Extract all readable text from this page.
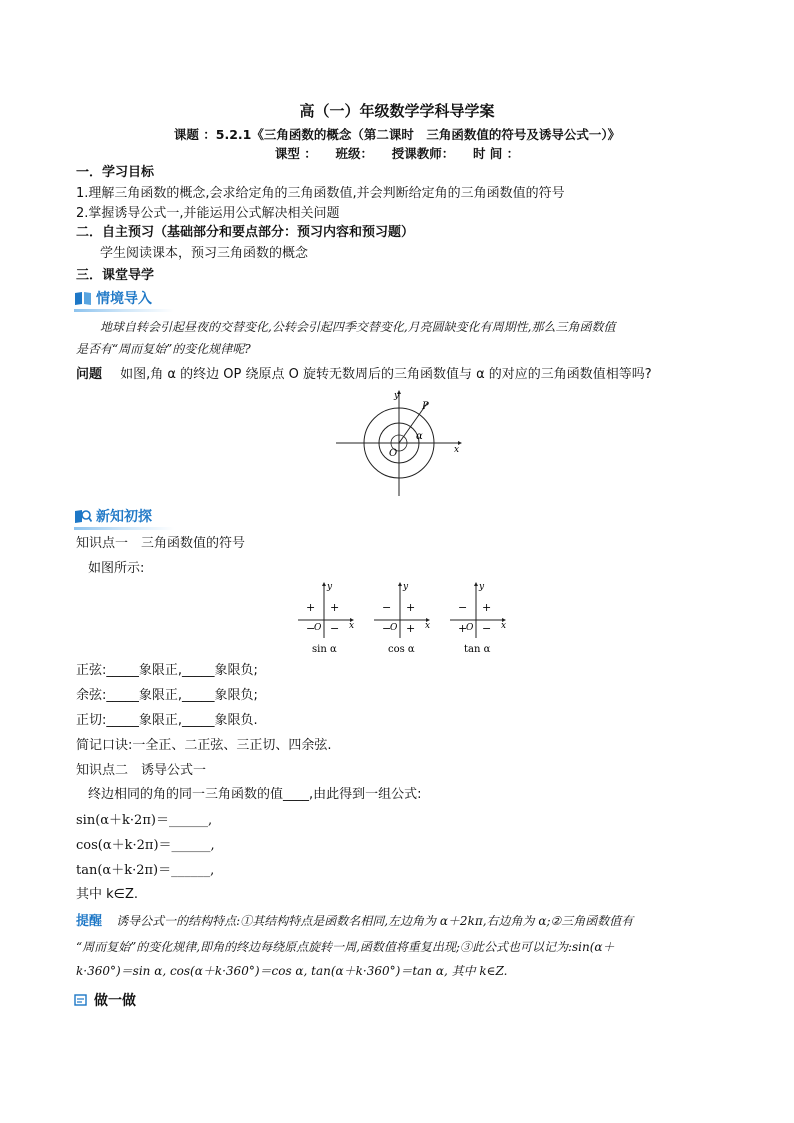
高（一）年级数学学科导学案
课题 ：5.2.1《三角函数的概念（第二课时　三角函数值的符号及诱导公式一）》
课型 ：　　班级：　　授课教师：　　时 间 ：
一．学习目标
1.理解三角函数的概念,会求给定角的三角函数值,并会判断给定角的三角函数值的符号
2.掌握诱导公式一,并能运用公式解决相关问题
二．自主预习（基础部分和要点部分：预习内容和预习题）
学生阅读课本，预习三角函数的概念
三．课堂导学
情境导入
地球自转会引起昼夜的交替变化,公转会引起四季交替变化,月亮圆缺变化有周期性,那么三角函数值
是否有“周而复始”的变化规律呢?
问题 如图,角 α 的终边 OP 绕原点 O 旋转无数周后的三角函数值与 α 的对应的三角函数值相等吗?
y
x
P
O
α
新知初探
知识点一　三角函数值的符号
如图所示:
y
x
O
+
+
− −
sin α
y
x
O
+
−
− +
cos α
y
x
O
+
−
+ −
tan α
正弦:_____象限正,_____象限负;
余弦:_____象限正,_____象限负;
正切:_____象限正,_____象限负.
简记口诀:一全正、二正弦、三正切、四余弦.
知识点二　诱导公式一
终边相同的角的同一三角函数的值____,由此得到一组公式:
sin(α＋k·2π)＝______,
cos(α＋k·2π)＝______,
tan(α＋k·2π)＝______,
其中 k∈Z.
提醒 诱导公式一的结构特点:①其结构特点是函数名相同,左边角为 α＋2kπ,右边角为 α;②三角函数值有
“周而复始”的变化规律,即角的终边每绕原点旋转一周,函数值将重复出现;③此公式也可以记为:sin(α＋
k·360°)＝sin α, cos(α＋k·360°)＝cos α, tan(α＋k·360°)＝tan α, 其中 k∈Z.
做一做
